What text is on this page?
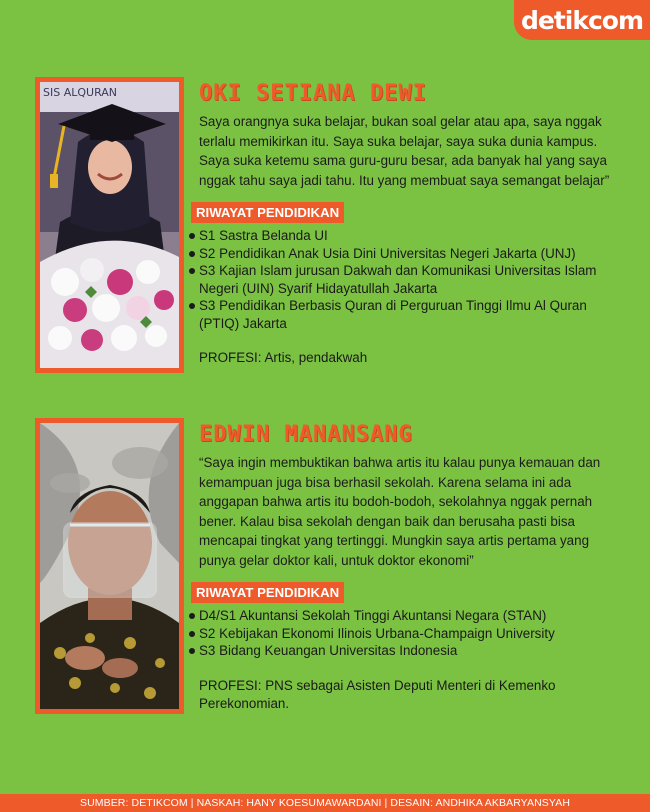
detikcom
SIS ALQURAN	OKI SETIANA DEWI
Saya orangnya suka belajar, bukan soal gelar atau apa, saya nggak terlalu memikirkan itu. Saya suka belajar, saya suka dunia kampus. Saya suka ketemu sama guru-guru besar, ada banyak hal yang saya nggak tahu saya jadi tahu. Itu yang membuat saya semangat belajar”
RIWAYAT PENDIDIKAN
S1 Sastra Belanda UI
S2 Pendidikan Anak Usia Dini Universitas Negeri Jakarta (UNJ)
S3 Kajian Islam jurusan Dakwah dan Komunikasi Universitas Islam Negeri (UIN) Syarif Hidayatullah Jakarta
S3 Pendidikan Berbasis Quran di Perguruan Tinggi Ilmu Al Quran (PTIQ) Jakarta
PROFESI: Artis, pendakwah
EDWIN MANANSANG
“Saya ingin membuktikan bahwa artis itu kalau punya kemauan dan kemampuan juga bisa berhasil sekolah. Karena selama ini ada anggapan bahwa artis itu bodoh-bodoh, sekolahnya nggak pernah bener. Kalau bisa sekolah dengan baik dan berusaha pasti bisa mencapai tingkat yang tertinggi. Mungkin saya artis pertama yang punya gelar doktor kali, untuk doktor ekonomi”
RIWAYAT PENDIDIKAN
D4/S1 Akuntansi Sekolah Tinggi Akuntansi Negara (STAN)
S2 Kebijakan Ekonomi Ilinois Urbana-Champaign University
S3 Bidang Keuangan Universitas Indonesia
PROFESI: PNS sebagai Asisten Deputi Menteri di Kemenko Perekonomian.
SUMBER: DETIKCOM | NASKAH: HANY KOESUMAWARDANI | DESAIN: ANDHIKA AKBARYANSYAH
